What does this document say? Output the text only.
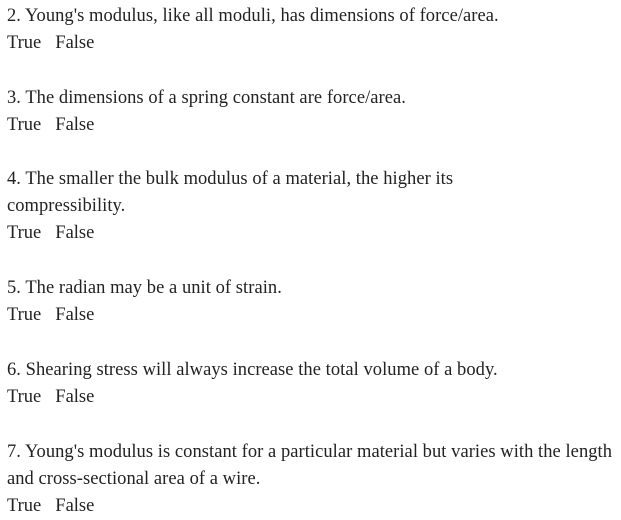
2. Young's modulus, like all moduli, has dimensions of force/area.

True False

3. The dimensions of a spring constant are force/area.

True False

4. The smaller the bulk modulus of a material, the higher its compressibility.

True False

5. The radian may be a unit of strain.

True False

6. Shearing stress will always increase the total volume of a body.

True False

7. Young's modulus is constant for a particular material but varies with the length and cross-sectional area of a wire.

True False
